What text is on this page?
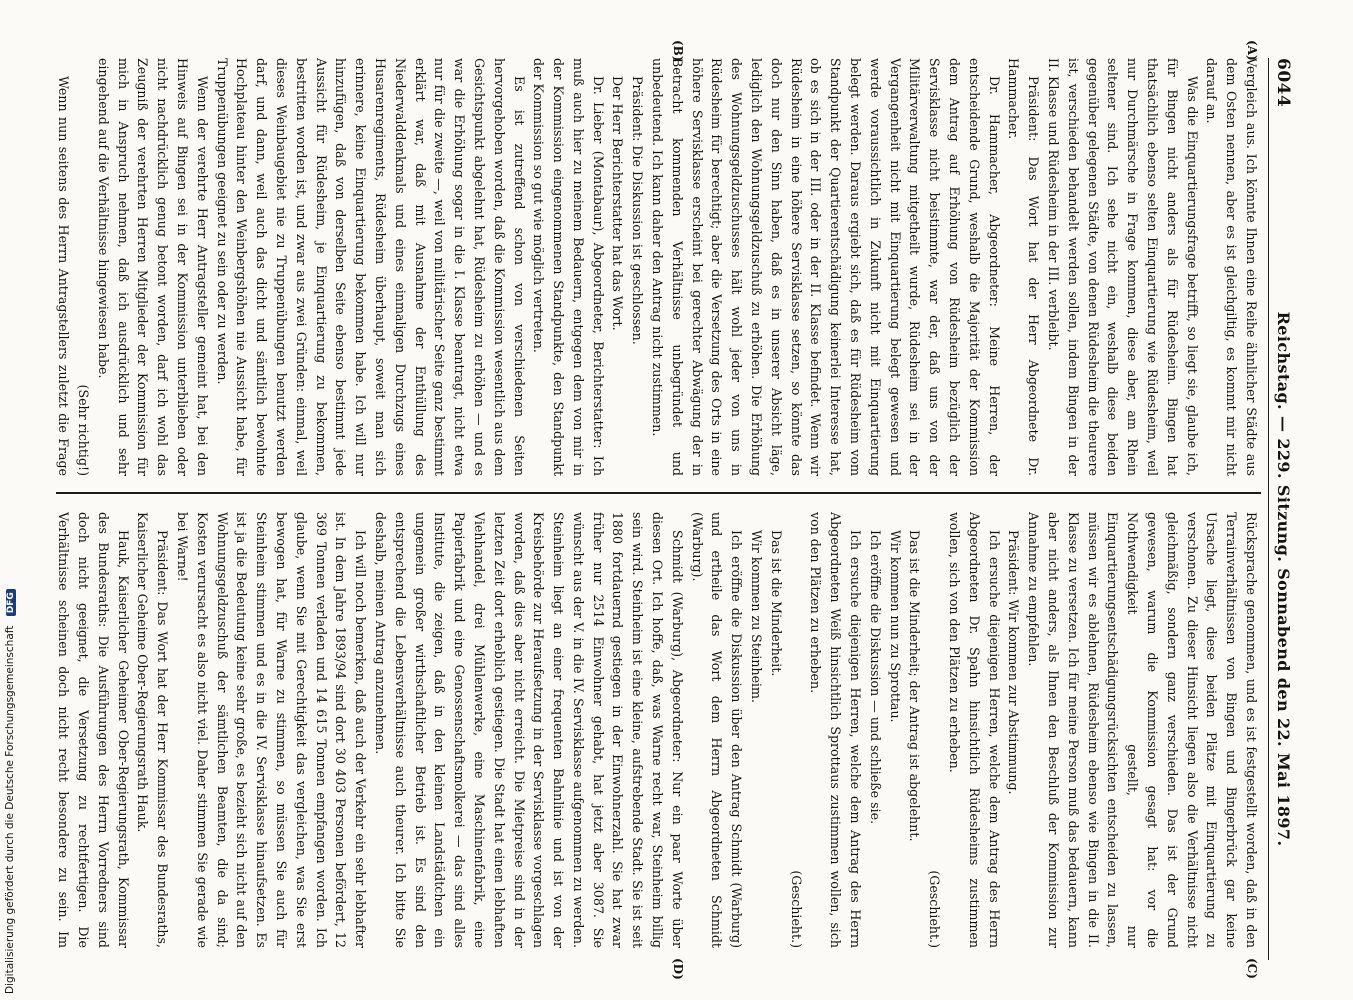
6044
Reichstag. — 229. Sitzung. Sonnabend den 22. Mai 1897.
(A)
(B)
(C)
(D)

Vergleich aus. Ich könnte Ihnen eine Reihe ähnlicher Städte aus dem Osten nennen, aber es ist gleichgiltig, es kommt mir nicht darauf an.

Was die Einquartierungsfrage betrifft, so liegt sie, glaube ich, für Bingen nicht anders als für Rüdesheim. Bingen hat thatsächlich ebenso selten Einquartierung wie Rüdesheim, weil nur Durchmärsche in Frage kommen, diese aber, am Rhein seltener sind. Ich sehe nicht ein, weshalb diese beiden gegenüber gelegenen Städte, von denen Rüdesheim die theurere ist, verschieden behandelt werden sollen, indem Bingen in der II. Klasse und Rüdesheim in der III. verbleibt.

Präsident: Das Wort hat der Herr Abgeordnete Dr. Hammacher.

Dr. Hammacher, Abgeordneter: Meine Herren, der entscheidende Grund, weshalb die Majorität der Kommission dem Antrag auf Erhöhung von Rüdesheim bezüglich der Servisklasse nicht beistimmte, war der, daß uns von der Militärverwaltung mitgetheilt wurde, Rüdesheim sei in der Vergangenheit nicht mit Einquartierung belegt gewesen und werde voraussichtlich in Zukunft nicht mit Einquartierung belegt werden. Daraus ergiebt sich, daß es für Rüdesheim vom Standpunkt der Quartierentschädigung keinerlei Interesse hat, ob es sich in der III. oder in der II. Klasse befindet. Wenn wir Rüdesheim in eine höhere Servisklasse setzen, so könnte das doch nur den Sinn haben, daß es in unserer Absicht läge, lediglich den Wohnungsgeldzuschuß zu erhöhen. Die Erhöhung des Wohnungsgeldzuschusses hält wohl jeder von uns in Rüdesheim für berechtigt; aber die Versetzung des Orts in eine höhere Servisklasse erscheint bei gerechter Abwägung der in Betracht kommenden Verhältnisse unbegründet und unbedeutend. Ich kann daher den Antrag nicht zustimmen.

Präsident: Die Diskussion ist geschlossen.

Der Herr Berichterstatter hat das Wort.

Dr. Lieber (Montabaur), Abgeordneter, Berichterstatter: Ich muß auch hier zu meinem Bedauern, entgegen dem von mir in der Kommission eingenommenen Standpunkte, den Standpunkt der Kommission so gut wie möglich vertreten.

Es ist zutreffend schon von verschiedenen Seiten hervorgehoben worden, daß die Kommission wesentlich aus dem Gesichtspunkt abgelehnt hat, Rüdesheim zu erhöhen — und es war die Erhöhung sogar in die I. Klasse beantragt, nicht etwa nur für die zweite —, weil von militärischer Seite ganz bestimmt erklärt war, daß mit Ausnahme der Enthüllung des Niederwalddenkmals und eines einmaligen Durchzugs eines Husarenregiments, Rüdesheim überhaupt, soweit man sich erinnere, keine Einquartierung bekommen habe. Ich will nur hinzufügen, daß von derselben Seite ebenso bestimmt jede Aussicht für Rüdesheim, je Einquartierung zu bekommen, bestritten worden ist, und zwar aus zwei Gründen: einmal, weil dieses Weinbaugebiet nie zu Truppenübungen benutzt werden darf, und dann, weil auch das dicht und sämtlich bewohnte Hochplateau hinter den Weinbergshöhen nie Aussicht habe, für Truppenübungen geeignet zu sein oder zu werden.

Wenn der verehrte Herr Antragsteller gemeint hat, bei den Hinweis auf Bingen sei in der Kommission unterblieben oder nicht nachdrücklich genug betont worden, darf ich wohl das Zeugniß der verehrten Herren Mitglieder der Kommission für mich in Anspruch nehmen, daß ich ausdrücklich und sehr eingehend auf die Verhältnisse hingewiesen habe.

(Sehr richtig!)

Wenn nun seitens des Herrn Antragstellers zuletzt die Frage

Rücksprache genommen, und es ist festgestellt worden, daß in den Terrainverhältnissen von Bingen und Bingerbrück gar keine Ursache liegt, diese beiden Plätze mit Einquartierung zu verschonen. Zu dieser Hinsicht liegen also die Verhältnisse nicht gleichmäßig, sondern ganz verschieden. Das ist der Grund gewesen, warum die Kommission gesagt hat: vor die Nothwendigkeit gestellt, nur Einquartierungsentschädigungsrücksichten entscheiden zu lassen, müssen wir es ablehnen, Rüdesheim ebenso wie Bingen in die II. Klasse zu versetzen. Ich für meine Person muß das bedauern, kann aber nicht anders, als Ihnen den Beschluß der Kommission zur Annahme zu empfehlen.

Präsident: Wir kommen zur Abstimmung.

Ich ersuche diejenigen Herren, welche dem Antrag des Herrn Abgeordneten Dr. Spahn hinsichtlich Rüdesheims zustimmen wollen, sich von den Plätzen zu erheben.

(Geschieht.)

Das ist die Minderheit; der Antrag ist abgelehnt.

Wir kommen nun zu Sprottau.

Ich eröffne die Diskussion — und schließe sie.

Ich ersuche diejenigen Herren, welche dem Antrag des Herrn Abgeordneten Weiß hinsichtlich Sprottaus zustimmen wollen, sich von den Plätzen zu erheben.

(Geschieht.)

Das ist die Minderheit.

Wir kommen zu Steinheim.

Ich eröffne die Diskussion über den Antrag Schmidt (Warburg) und ertheile das Wort dem Herrn Abgeordneten Schmidt (Warburg).

Schmidt (Warburg), Abgeordneter: Nur ein paar Worte über diesen Ort. Ich hoffe, daß, was Warne recht war, Steinheim billig sein wird. Steinheim ist eine kleine, aufstrebende Stadt. Sie ist seit 1880 fortdauernd gestiegen in der Einwohnerzahl. Sie hat zwar früher nur 2514 Einwohner gehabt, hat jetzt aber 3087. Sie wünscht aus der V. in die IV. Servisklasse aufgenommen zu werden. Steinheim liegt an einer frequenten Bahnlinie und ist von der Kreisbehörde zur Heraufsetzung in der Servisklasse vorgeschlagen worden, daß dies aber nicht erreicht. Die Mietpreise sind in der letzten Zeit dort erheblich gestiegen. Die Stadt hat einen lebhaften Viehhandel, drei Mühlenwerke, eine Maschinenfabrik, eine Papierfabrik und eine Genossenschaftsmolkerei — das sind alles Institute, die zeigen, daß in den kleinen Landstädtchen ein ungemein großer wirthschaftlicher Betrieb ist. Es sind den entsprechend die Lebensverhältnisse auch theurer. Ich bitte Sie deshalb, meinen Antrag anzunehmen.

Ich will noch bemerken, daß auch der Verkehr ein sehr lebhafter ist. In dem Jahre 1893/94 sind dort 30 403 Personen befördert, 12 369 Tonnen verladen und 14 615 Tonnen empfangen worden. Ich glaube, wenn Sie mit Gerechtigkeit das vergleichen, was Sie erst bewogen hat, für Warne zu stimmen, so müssen Sie auch für Steinheim stimmen und es in die IV. Servisklasse hinaufsetzen. Es ist ja die Bedeutung keine sehr große, es bezieht sich nicht auf den Wohnungsgeldzuschuß der sämtlichen Beamten, die da sind; Kosten verursacht es also nicht viel. Daher stimmen Sie gerade wie bei Warne!

Präsident: Das Wort hat der Herr Kommissar des Bundesraths, Kaiserlicher Geheime Ober-Regierungsrath Hauk.

Hauk, Kaiserlicher Geheimer Ober-Regierungsrath, Kommissar des Bundesraths: Die Ausführungen des Herrn Vorredners sind doch nicht geeignet, die Versetzung zu rechtfertigen. Die Verhältnisse scheinen doch nicht recht besondere zu sein. Im

Digitalisierung gefördert durch die Deutsche Forschungsgemeinschaft DFG
